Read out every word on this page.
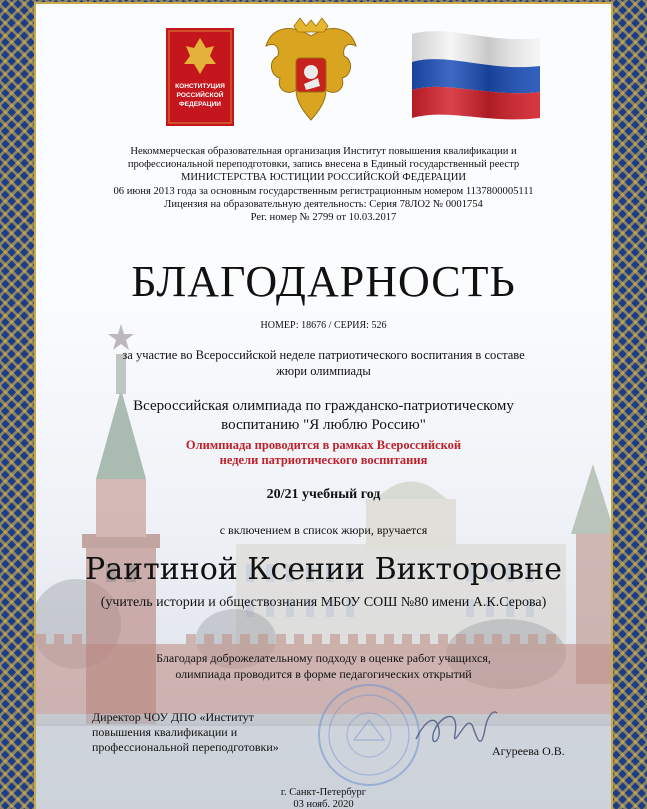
КОНСТИТУЦИЯ
РОССИЙСКОЙ
ФЕДЕРАЦИИ
Некоммерческая образовательная организация Институт повышения квалификации и
профессиональной переподготовки, запись внесена в Единый государственный реестр
МИНИСТЕРСТВА ЮСТИЦИИ РОССИЙСКОЙ ФЕДЕРАЦИИ
06 июня 2013 года за основным государственным регистрационным номером 1137800005111
Лицензия на образовательную деятельность: Серия 78ЛО2 № 0001754
Рег. номер № 2799 от 10.03.2017
БЛАГОДАРНОСТЬ
НОМЕР: 18676 / СЕРИЯ: 526
за участие во Всероссийской неделе патриотического воспитания в составе
жюри олимпиады
Всероссийская олимпиада по гражданско-патриотическому
воспитанию "Я люблю Россию"
Олимпиада проводится в рамках Всероссийской
недели патриотического воспитания
20/21 учебный год
с включением в список жюри, вручается
Раитиной Ксении Викторовне
(учитель истории и обществознания МБОУ СОШ №80 имени А.К.Серова)
Благодаря доброжелательному подходу в оценке работ учащихся,
олимпиада проводится в форме педагогических открытий
Директор ЧОУ ДПО «Институт
повышения квалификации и
профессиональной переподготовки»	Агуреева О.В.
г. Санкт-Петербург
03 нояб. 2020
